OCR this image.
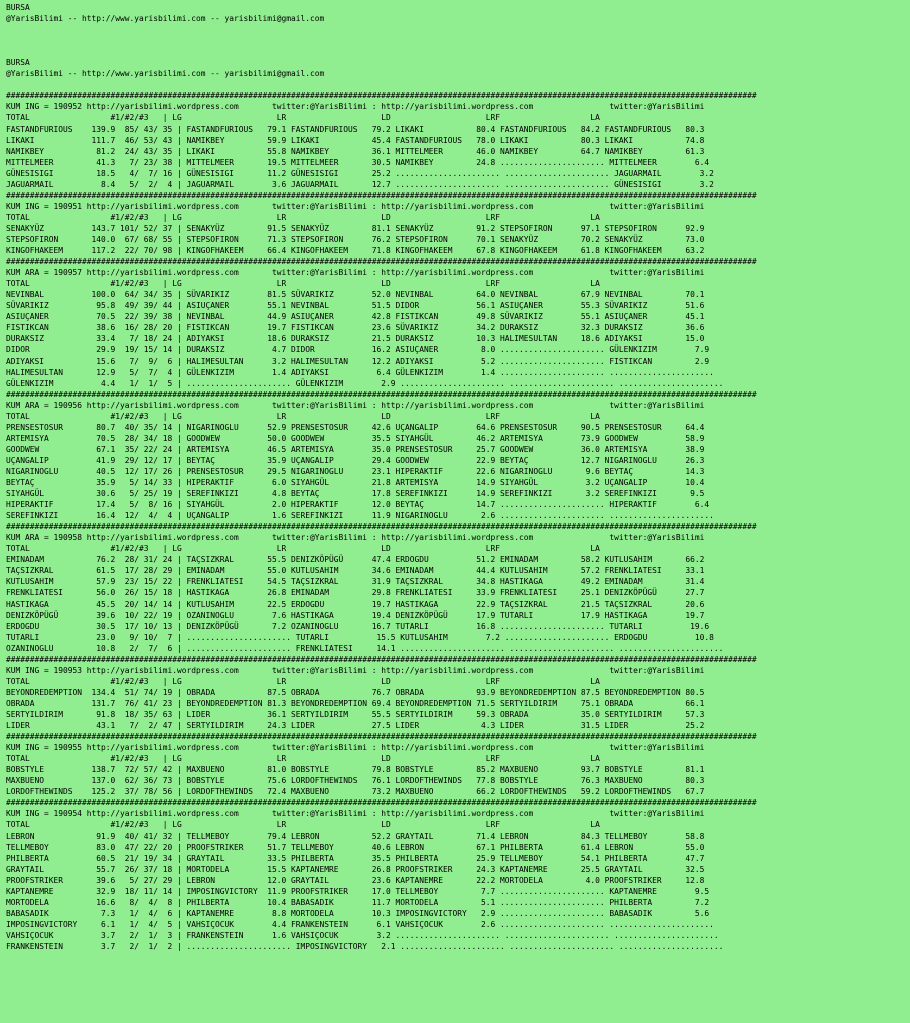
BURSA
@YarisBilimi -- http://www.yarisbilimi.com -- yarisbilimi@gmail.com
BURSA
@YarisBilimi -- http://www.yarisbilimi.com -- yarisbilimi@gmail.com
##############################################################################################################################################################
KUM ING = 190952 http://yarisbilimi.wordpress.com       twitter:@YarisBilimi : http://yarisbilimi.wordpress.com                twitter:@YarisBilimi
TOTAL                 #1/#2/#3   | LG                    LR                    LD                    LRF                   LA
FASTANDFURIOUS    139.9  85/ 43/ 35 | FASTANDFURIOUS   79.1 FASTANDFURIOUS   79.2 LIKAKI           80.4 FASTANDFURIOUS   84.2 FASTANDFURIOUS   80.3
LIKAKI            111.7  46/ 53/ 43 | NAMIKBEY         59.9 LIKAKI           45.4 FASTANDFURIOUS   78.0 LIKAKI           80.3 LIKAKI           74.8
NAMIKBEY           81.2  24/ 43/ 35 | LIKAKI           55.8 NAMIKBEY         36.1 MITTELMEER       46.0 NAMIKBEY         64.7 NAMIKBEY         61.3
MITTELMEER         41.3   7/ 23/ 38 | MITTELMEER       19.5 MITTELMEER       30.5 NAMIKBEY         24.8 ...................... MITTELMEER        6.4
GÜNESISIGI         18.5   4/  7/ 16 | GÜNESISIGI       11.2 GÜNESISIGI       25.2 ...................... ...................... JAGUARMAIL        3.2
JAGUARMAIL          8.4   5/  2/  4 | JAGUARMAIL        3.6 JAGUARMAIL       12.7 ...................... ...................... GÜNESISIGI        3.2
##############################################################################################################################################################
KUM ING = 190951 http://yarisbilimi.wordpress.com       twitter:@YarisBilimi : http://yarisbilimi.wordpress.com                twitter:@YarisBilimi
TOTAL                 #1/#2/#3   | LG                    LR                    LD                    LRF                   LA
SENAKYÜZ          143.7 101/ 52/ 37 | SENAKYÜZ         91.5 SENAKYÜZ         81.1 SENAKYÜZ         91.2 STEPSOFIRON      97.1 STEPSOFIRON      92.9
STEPSOFIRON       140.0  67/ 68/ 55 | STEPSOFIRON      71.3 STEPSOFIRON      76.2 STEPSOFIRON      70.1 SENAKYÜZ         70.2 SENAKYÜZ         73.0
KINGOFHAKEEM      117.2  22/ 70/ 98 | KINGOFHAKEEM     66.4 KINGOFHAKEEM     71.8 KINGOFHAKEEM     67.8 KINGOFHAKEEM     61.8 KINGOFHAKEEM     63.2
##############################################################################################################################################################
KUM ARA = 190957 http://yarisbilimi.wordpress.com       twitter:@YarisBilimi : http://yarisbilimi.wordpress.com                twitter:@YarisBilimi
TOTAL                 #1/#2/#3   | LG                    LR                    LD                    LRF                   LA
NEVINBAL          100.0  64/ 34/ 35 | SÜVARIKIZ        81.5 SÜVARIKIZ        52.0 NEVINBAL         64.0 NEVINBAL         67.9 NEVINBAL         70.1
SÜVARIKIZ          95.8  49/ 39/ 44 | ASIUÇANER        55.1 NEVINBAL         51.5 DIDOR            56.1 ASIUÇANER        55.3 SÜVARIKIZ        51.6
ASIUÇANER          70.5  22/ 39/ 38 | NEVINBAL         44.9 ASIUÇANER        42.8 FISTIKCAN        49.8 SÜVARIKIZ        55.1 ASIUÇANER        45.1
FISTIKCAN          38.6  16/ 28/ 20 | FISTIKCAN        19.7 FISTIKCAN        23.6 SÜVARIKIZ        34.2 DURAKSIZ         32.3 DURAKSIZ         36.6
DURAKSIZ           33.4   7/ 18/ 24 | ADIYAKSI         18.6 DURAKSIZ         21.5 DURAKSIZ         10.3 HALIMESULTAN     18.6 ADIYAKSI         15.0
DIDOR              29.9  19/ 15/ 14 | DURAKSIZ          4.7 DIDOR            16.2 ASIUÇANER         8.0 ...................... GÜLENKIZIM        7.9
ADIYAKSI           15.6   7/  9/  6 | HALIMESULTAN      3.2 HALIMESULTAN     12.2 ADIYAKSI          5.2 ...................... FISTIKCAN         2.9
HALIMESULTAN       12.9   5/  7/  4 | GÜLENKIZIM        1.4 ADIYAKSI          6.4 GÜLENKIZIM        1.4 ...................... ......................
GÜLENKIZIM          4.4   1/  1/  5 | ...................... GÜLENKIZIM        2.9 ...................... ...................... ......................
##############################################################################################################################################################
KUM ARA = 190956 http://yarisbilimi.wordpress.com       twitter:@YarisBilimi : http://yarisbilimi.wordpress.com                twitter:@YarisBilimi
TOTAL                 #1/#2/#3   | LG                    LR                    LD                    LRF                   LA
PRENSESTOSUR       80.7  40/ 35/ 14 | NIGARINOGLU      52.9 PRENSESTOSUR     42.6 UÇANGALIP        64.6 PRENSESTOSUR     90.5 PRENSESTOSUR     64.4
ARTEMISYA          70.5  28/ 34/ 18 | GOODWEW          50.0 GOODWEW          35.5 SIYAHGÜL         46.2 ARTEMISYA        73.9 GOODWEW          58.9
GOODWEW            67.1  35/ 22/ 24 | ARTEMISYA        46.5 ARTEMISYA        35.0 PRENSESTOSUR     25.7 GOODWEW          36.0 ARTEMISYA        38.9
UÇANGALIP          41.9  29/ 12/ 17 | BEYTAÇ           35.9 UÇANGALIP        29.4 GOODWEW          22.9 BEYTAÇ           12.7 NIGARINOGLU      26.3
NIGARINOGLU        40.5  12/ 17/ 26 | PRENSESTOSUR     29.5 NIGARINOGLU      23.1 HIPERAKTIF       22.6 NIGARINOGLU       9.6 BEYTAÇ           14.3
BEYTAÇ             35.9   5/ 14/ 33 | HIPERAKTIF        6.0 SIYAHGÜL         21.8 ARTEMISYA        14.9 SIYAHGÜL          3.2 UÇANGALIP        10.4
SIYAHGÜL           30.6   5/ 25/ 19 | SEREFINKIZI       4.8 BEYTAÇ           17.8 SEREFINKIZI      14.9 SEREFINKIZI       3.2 SEREFINKIZI       9.5
HIPERAKTIF         17.4   5/  8/ 16 | SIYAHGÜL          2.0 HIPERAKTIF       12.0 BEYTAÇ           14.7 ...................... HIPERAKTIF        6.4
SEREFINKIZI        16.4  12/  4/  4 | UÇANGALIP         1.6 SEREFINKIZI      11.9 NIGARINOGLU       2.6 ...................... ......................
##############################################################################################################################################################
KUM ARA = 190958 http://yarisbilimi.wordpress.com       twitter:@YarisBilimi : http://yarisbilimi.wordpress.com                twitter:@YarisBilimi
TOTAL                 #1/#2/#3   | LG                    LR                    LD                    LRF                   LA
EMINADAM           76.2  28/ 31/ 24 | TAÇSIZKRAL       55.5 DENIZKÖPÜGÜ      47.4 ERDOGDU          51.2 EMINADAM         58.2 KUTLUSAHIM       66.2
TAÇSIZKRAL         61.5  17/ 28/ 29 | EMINADAM         55.0 KUTLUSAHIM       34.6 EMINADAM         44.4 KUTLUSAHIM       57.2 FRENKLIATESI     33.1
KUTLUSAHIM         57.9  23/ 15/ 22 | FRENKLIATESI     54.5 TAÇSIZKRAL       31.9 TAÇSIZKRAL       34.8 HASTIKAGA        49.2 EMINADAM         31.4
FRENKLIATESI       56.0  26/ 15/ 18 | HASTIKAGA        26.8 EMINADAM         29.8 FRENKLIATESI     33.9 FRENKLIATESI     25.1 DENIZKÖPÜGÜ      27.7
HASTIKAGA          45.5  20/ 14/ 14 | KUTLUSAHIM       22.5 ERDOGDU          19.7 HASTIKAGA        22.9 TAÇSIZKRAL       21.5 TAÇSIZKRAL       20.6
DENIZKÖPÜGÜ        39.6  10/ 22/ 19 | OZANINOGLU        7.6 HASTIKAGA        19.4 DENIZKÖPÜGÜ      17.9 TUTARLI          17.9 HASTIKAGA        19.7
ERDOGDU            30.5  17/ 10/ 13 | DENIZKÖPÜGÜ       7.2 OZANINOGLU       16.7 TUTARLI          16.8 ...................... TUTARLI          19.6
TUTARLI            23.0   9/ 10/  7 | ...................... TUTARLI          15.5 KUTLUSAHIM        7.2 ...................... ERDOGDU          10.8
OZANINOGLU         10.8   2/  7/  6 | ...................... FRENKLIATESI     14.1 ...................... ...................... ......................
##############################################################################################################################################################
KUM ING = 190953 http://yarisbilimi.wordpress.com       twitter:@YarisBilimi : http://yarisbilimi.wordpress.com                twitter:@YarisBilimi
TOTAL                 #1/#2/#3   | LG                    LR                    LD                    LRF                   LA
BEYONDREDEMPTION  134.4  51/ 74/ 19 | OBRADA           87.5 OBRADA           76.7 OBRADA           93.9 BEYONDREDEMPTION 87.5 BEYONDREDEMPTION 80.5
OBRADA            131.7  76/ 41/ 23 | BEYONDREDEMPTION 81.3 BEYONDREDEMPTION 69.4 BEYONDREDEMPTION 71.5 SERTYILDIRIM     75.1 OBRADA           66.1
SERTYILDIRIM       91.8  18/ 35/ 63 | LIDER            36.1 SERTYILDIRIM     55.5 SERTYILDIRIM     59.3 OBRADA           35.0 SERTYILDIRIM     57.3
LIDER              43.1   7/  2/ 47 | SERTYILDIRIM     24.3 LIDER            27.5 LIDER             4.3 LIDER            31.5 LIDER            25.2
##############################################################################################################################################################
KUM ING = 190955 http://yarisbilimi.wordpress.com       twitter:@YarisBilimi : http://yarisbilimi.wordpress.com                twitter:@YarisBilimi
TOTAL                 #1/#2/#3   | LG                    LR                    LD                    LRF                   LA
BOBSTYLE          138.7  72/ 57/ 42 | MAXBUENO         81.0 BOBSTYLE         79.8 BOBSTYLE         85.2 MAXBUENO         93.7 BOBSTYLE         81.1
MAXBUENO          137.0  62/ 36/ 73 | BOBSTYLE         75.6 LORDOFTHEWINDS   76.1 LORDOFTHEWINDS   77.8 BOBSTYLE         76.3 MAXBUENO         80.3
LORDOFTHEWINDS    125.2  37/ 78/ 56 | LORDOFTHEWINDS   72.4 MAXBUENO         73.2 MAXBUENO         66.2 LORDOFTHEWINDS   59.2 LORDOFTHEWINDS   67.7
##############################################################################################################################################################
KUM ING = 190954 http://yarisbilimi.wordpress.com       twitter:@YarisBilimi : http://yarisbilimi.wordpress.com                twitter:@YarisBilimi
TOTAL                 #1/#2/#3   | LG                    LR                    LD                    LRF                   LA
LEBRON             91.9  40/ 41/ 32 | TELLMEBOY        79.4 LEBRON           52.2 GRAYTAIL         71.4 LEBRON           84.3 TELLMEBOY        58.8
TELLMEBOY          83.0  47/ 22/ 20 | PROOFSTRIKER     51.7 TELLMEBOY        40.6 LEBRON           67.1 PHILBERTA        61.4 LEBRON           55.0
PHILBERTA          60.5  21/ 19/ 34 | GRAYTAIL         33.5 PHILBERTA        35.5 PHILBERTA        25.9 TELLMEBOY        54.1 PHILBERTA        47.7
GRAYTAIL           55.7  26/ 37/ 18 | MORTODELA        15.5 KAPTANEMRE       26.8 PROOFSTRIKER     24.3 KAPTANEMRE       25.5 GRAYTAIL         32.5
PROOFSTRIKER       39.6   5/ 27/ 29 | LEBRON           12.0 GRAYTAIL         23.6 KAPTANEMRE       22.2 MORTODELA         4.0 PROOFSTRIKER     12.8
KAPTANEMRE         32.9  18/ 11/ 14 | IMPOSINGVICTORY  11.9 PROOFSTRIKER     17.0 TELLMEBOY         7.7 ...................... KAPTANEMRE        9.5
MORTODELA          16.6   8/  4/  8 | PHILBERTA        10.4 BABASADIK        11.7 MORTODELA         5.1 ...................... PHILBERTA         7.2
BABASADIK           7.3   1/  4/  6 | KAPTANEMRE        8.8 MORTODELA        10.3 IMPOSINGVICTORY   2.9 ...................... BABASADIK         5.6
IMPOSINGVICTORY     6.1   1/  4/  5 | VAHSIÇOCUK        4.4 FRANKENSTEIN      6.1 VAHSIÇOCUK        2.6 ...................... ......................
VAHSIÇOCUK          3.7   2/  1/  3 | FRANKENSTEIN      1.6 VAHSIÇOCUK        3.2 ...................... ...................... ......................
FRANKENSTEIN        3.7   2/  1/  2 | ...................... IMPOSINGVICTORY   2.1 ...................... ...................... ......................
